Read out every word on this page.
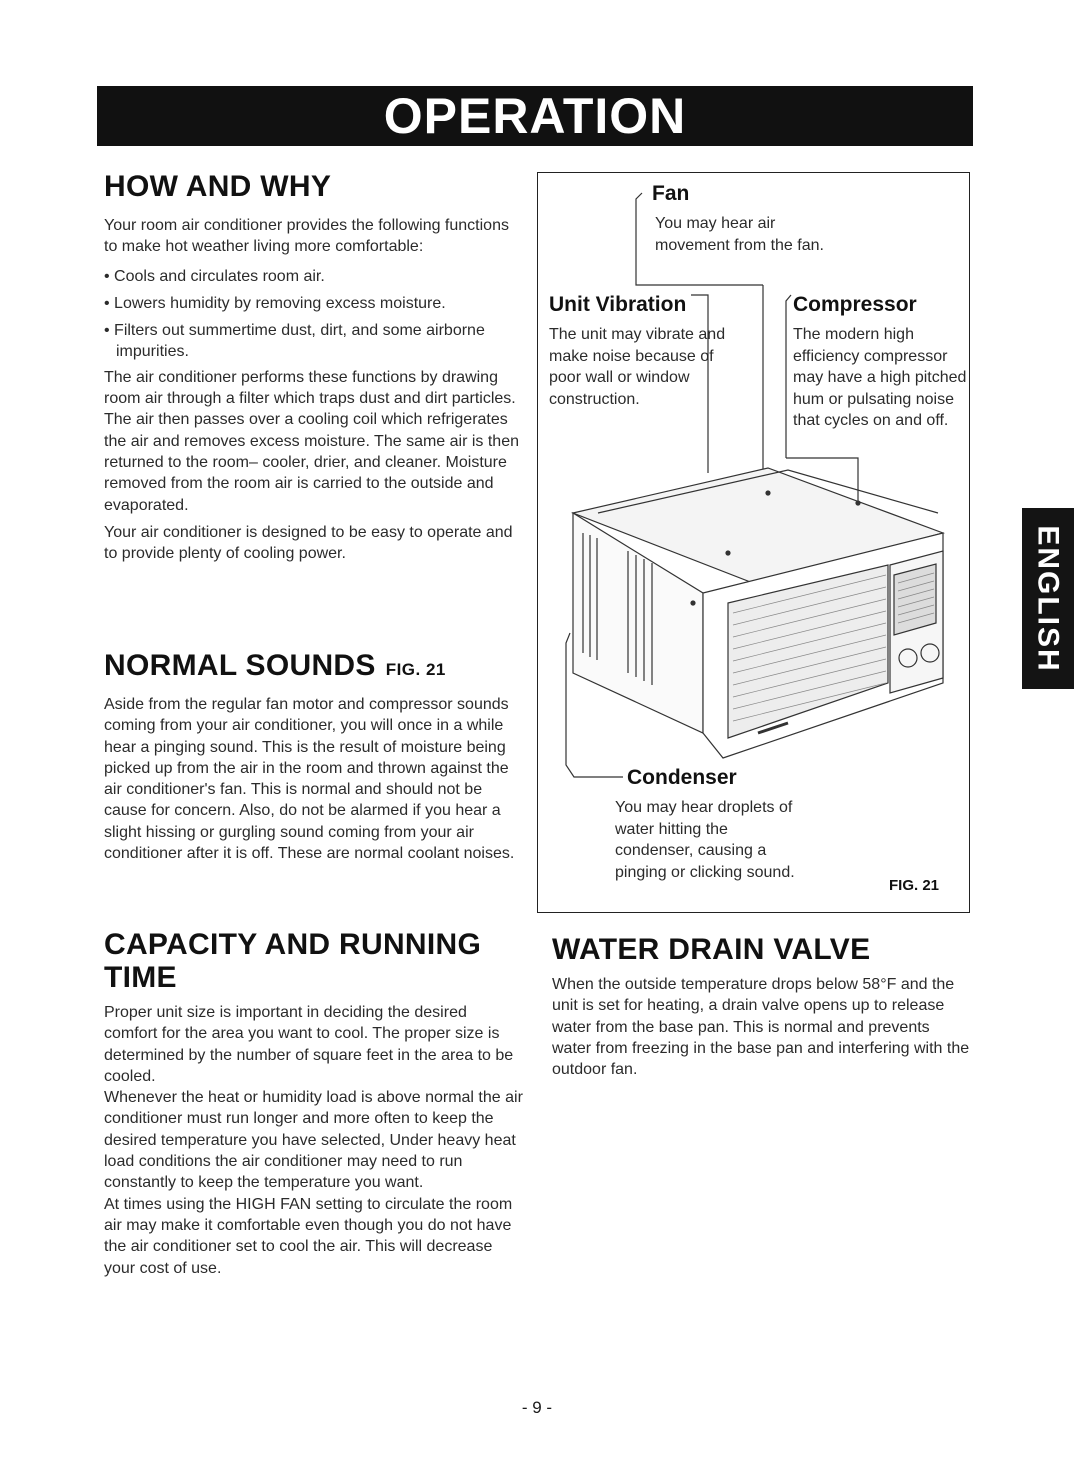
OPERATION
HOW AND WHY

Your room air conditioner provides the following functions to make hot weather living more comfortable:

• Cools and circulates room air.

• Lowers humidity by removing excess moisture.

• Filters out summertime dust, dirt, and some airborne impurities.

The air conditioner performs these functions by drawing room air through a filter which traps dust and dirt particles. The air then passes over a cooling coil which refrigerates the air and removes excess moisture. The same air is then returned to the room– cooler, drier, and cleaner. Moisture removed from the room air is carried to the outside and evaporated.

Your air conditioner is designed to be easy to operate and to provide plenty of cooling power.

NORMAL SOUNDS FIG. 21

Aside from the regular fan motor and compressor sounds coming from your air conditioner, you will once in a while hear a pinging sound. This is the result of moisture being picked up from the air in the room and thrown against the air conditioner's fan. This is normal and should not be cause for concern. Also, do not be alarmed if you hear a slight hissing or gurgling sound coming from your air conditioner after it is off. These are normal coolant noises.

CAPACITY AND RUNNING TIME

Proper unit size is important in deciding the desired comfort for the area you want to cool. The proper size is determined by the number of square feet in the area to be cooled.

Whenever the heat or humidity load is above normal the air conditioner must run longer and more often to keep the desired temperature you have selected, Under heavy heat load conditions the air conditioner may need to run constantly to keep the temperature you want.

At times using the HIGH FAN setting to circulate the room air may make it comfortable even though you do not have the air conditioner set to cool the air. This will decrease your cost of use.

WATER DRAIN VALVE

When the outside temperature drops below 58°F and the unit is set for heating, a drain valve opens up to release water from the base pan. This is normal and prevents water from freezing in the base pan and interfering with the outdoor fan.

Fan
You may hear air movement from the fan.
Unit Vibration
The unit may vibrate and make noise because of poor wall or window construction.
Compressor
The modern high efficiency compressor may have a high pitched hum or pulsating noise that cycles on and off.
Condenser
You may hear droplets of water hitting the condenser, causing a pinging or clicking sound.
FIG. 21
ENGLISH
- 9 -
